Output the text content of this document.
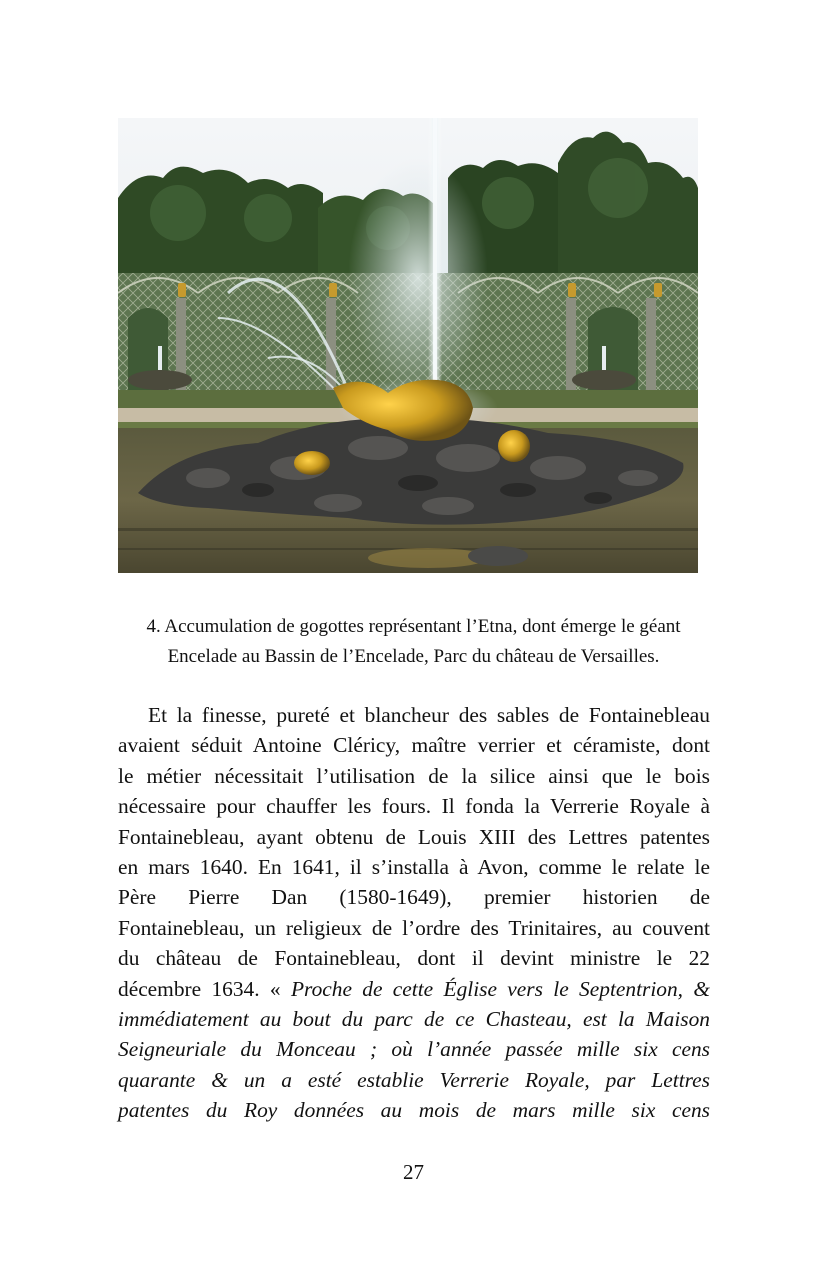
4. Accumulation de gogottes représentant l’Etna, dont émerge le géant
Encelade au Bassin de l’Encelade, Parc du château de Versailles.
Et la finesse, pureté et blancheur des sables de Fontainebleau
avaient séduit Antoine Cléricy, maître verrier et céramiste, dont
le métier nécessitait l’utilisation de la silice ainsi que le bois
nécessaire pour chauffer les fours. Il fonda la Verrerie Royale à
Fontainebleau, ayant obtenu de Louis XIII des Lettres patentes
en mars 1640. En 1641, il s’installa à Avon, comme le relate le
Père Pierre Dan (1580-1649), premier historien de
Fontainebleau, un religieux de l’ordre des Trinitaires, au couvent
du château de Fontainebleau, dont il devint ministre le 22
décembre 1634. « Proche de cette Église vers le Septentrion, &
immédiatement au bout du parc de ce Chasteau, est la Maison
Seigneuriale du Monceau ; où l’année passée mille six cens
quarante & un a esté establie Verrerie Royale, par Lettres
patentes du Roy données au mois de mars mille six cens
27
